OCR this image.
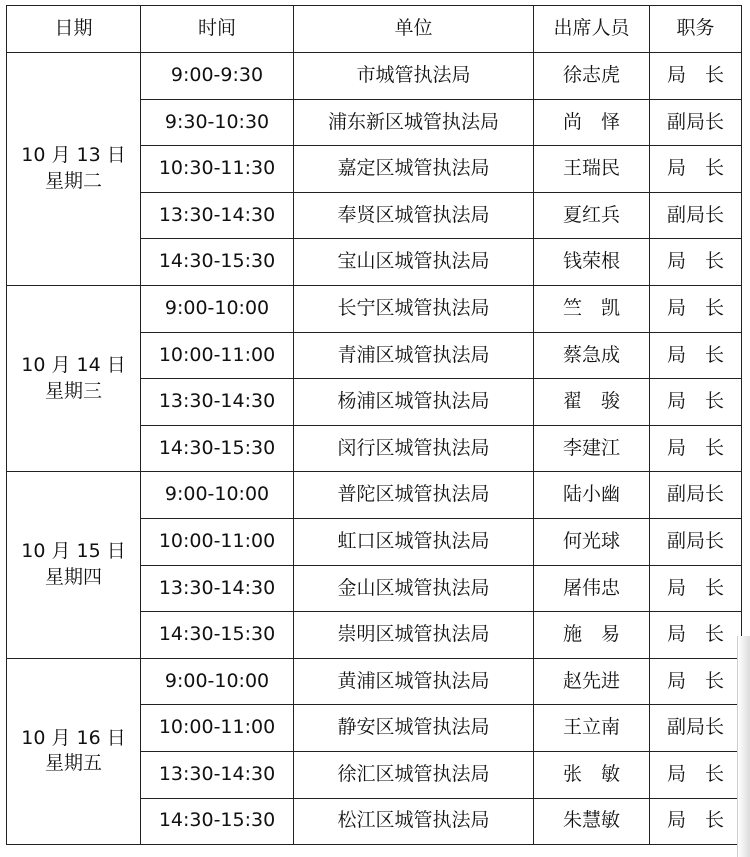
日期	时间	单位	出席人员	职务

10 月 13 日
星期二	9:00-9:30	市城管执法局	徐志虎	局　长
	9:30-10:30	浦东新区城管执法局	尚　怿	副局长
	10:30-11:30	嘉定区城管执法局	王瑞民	局　长
	13:30-14:30	奉贤区城管执法局	夏红兵	副局长
	14:30-15:30	宝山区城管执法局	钱荣根	局　长

10 月 14 日
星期三	9:00-10:00	长宁区城管执法局	竺　凯	局　长
	10:00-11:00	青浦区城管执法局	蔡急成	局　长
	13:30-14:30	杨浦区城管执法局	翟　骏	局　长
	14:30-15:30	闵行区城管执法局	李建江	局　长

10 月 15 日
星期四	9:00-10:00	普陀区城管执法局	陆小幽	副局长
	10:00-11:00	虹口区城管执法局	何光球	副局长
	13:30-14:30	金山区城管执法局	屠伟忠	局　长
	14:30-15:30	崇明区城管执法局	施　易	局　长

10 月 16 日
星期五	9:00-10:00	黄浦区城管执法局	赵先进	局　长
	10:00-11:00	静安区城管执法局	王立南	副局长
	13:30-14:30	徐汇区城管执法局	张　敏	局　长
	14:30-15:30	松江区城管执法局	朱慧敏	局　长
